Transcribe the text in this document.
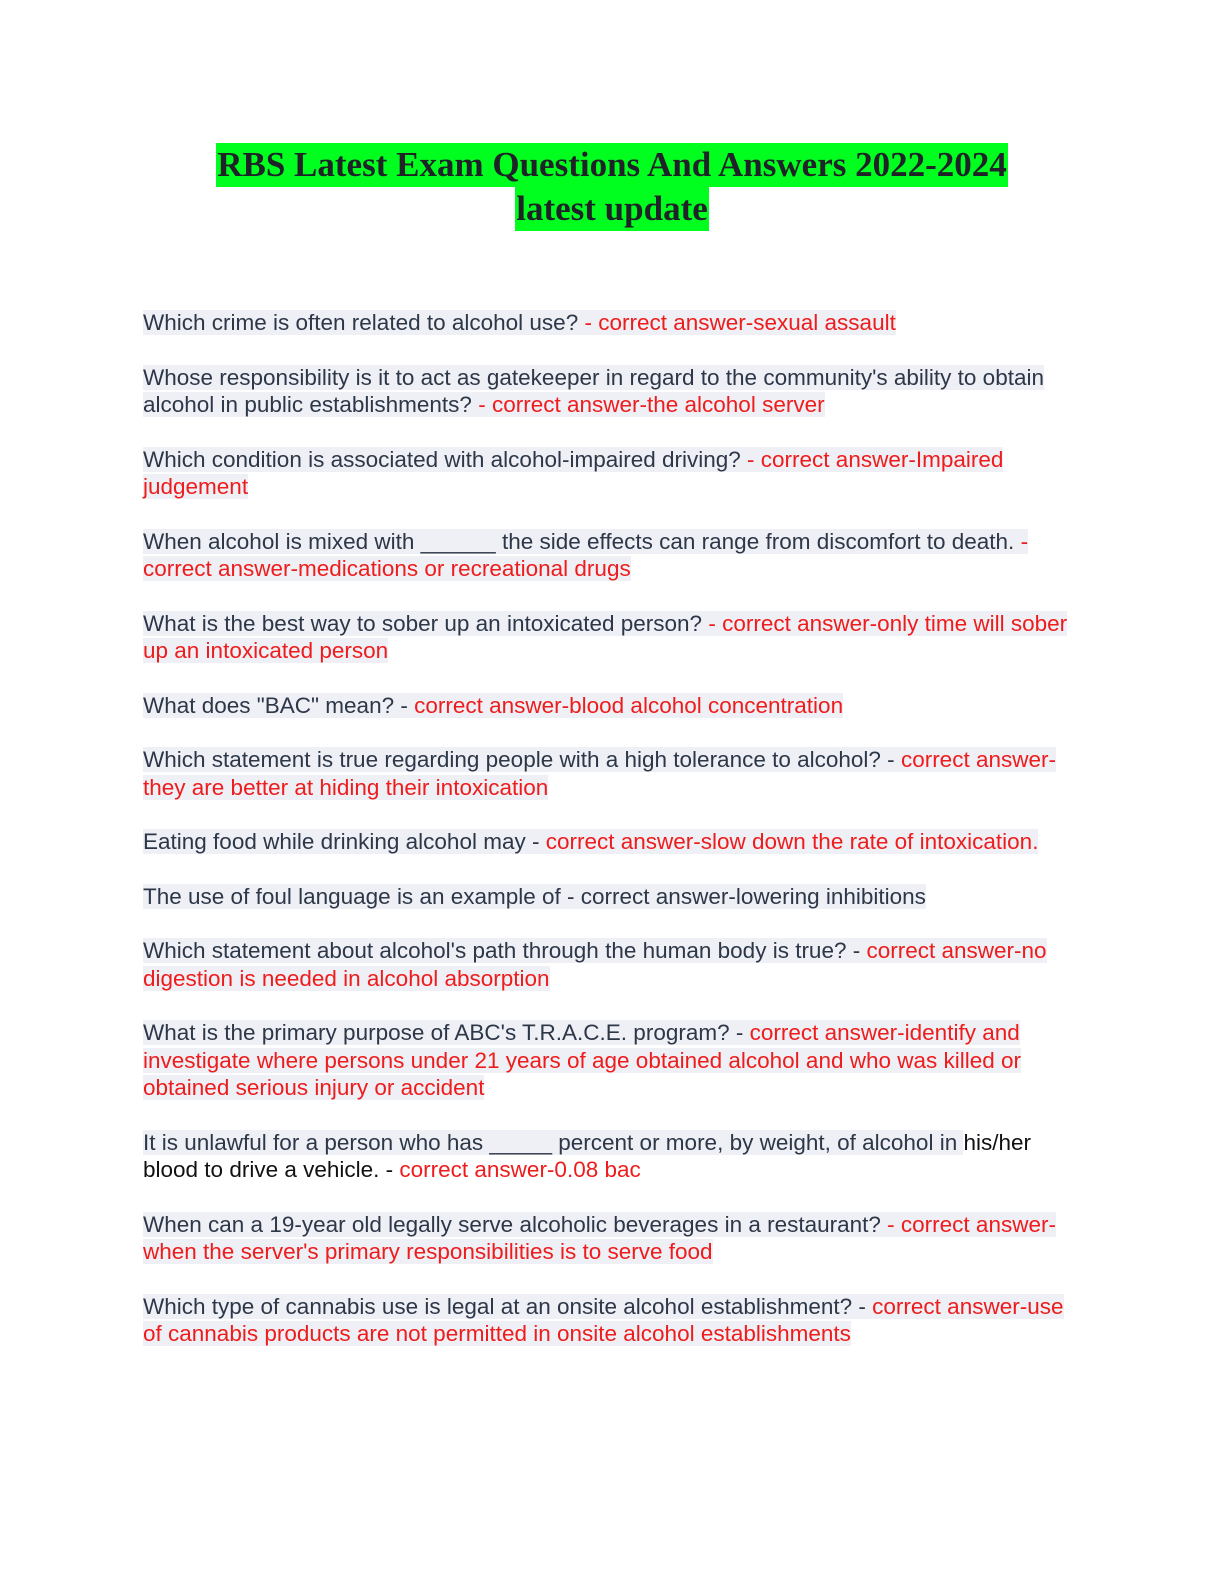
RBS Latest Exam Questions And Answers 2022-2024
latest update

Which crime is often related to alcohol use? - correct answer-sexual assault

Whose responsibility is it to act as gatekeeper in regard to the community's ability to obtain alcohol in public establishments? - correct answer-the alcohol server

Which condition is associated with alcohol-impaired driving? - correct answer-Impaired judgement

When alcohol is mixed with ______ the side effects can range from discomfort to death. - correct answer-medications or recreational drugs

What is the best way to sober up an intoxicated person? - correct answer-only time will sober up an intoxicated person

What does "BAC" mean? - correct answer-blood alcohol concentration

Which statement is true regarding people with a high tolerance to alcohol? - correct answer-they are better at hiding their intoxication

Eating food while drinking alcohol may - correct answer-slow down the rate of intoxication.

The use of foul language is an example of - correct answer-lowering inhibitions

Which statement about alcohol's path through the human body is true? - correct answer-no digestion is needed in alcohol absorption

What is the primary purpose of ABC's T.R.A.C.E. program? - correct answer-identify and investigate where persons under 21 years of age obtained alcohol and who was killed or obtained serious injury or accident

It is unlawful for a person who has _____ percent or more, by weight, of alcohol in his/her blood to drive a vehicle. - correct answer-0.08 bac

When can a 19-year old legally serve alcoholic beverages in a restaurant? - correct answer-when the server's primary responsibilities is to serve food

Which type of cannabis use is legal at an onsite alcohol establishment? - correct answer-use of cannabis products are not permitted in onsite alcohol establishments
